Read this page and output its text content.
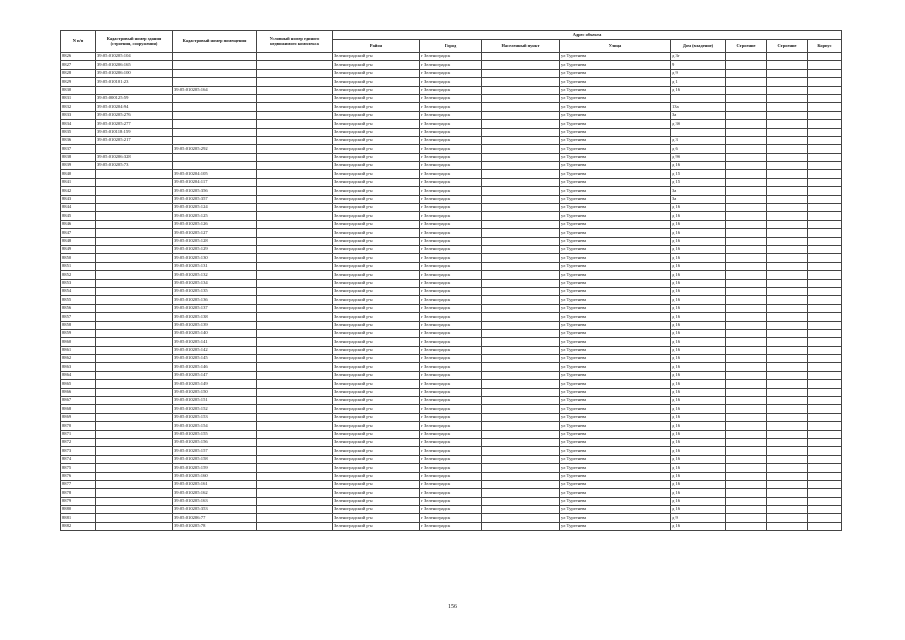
N п/п	Кадастровый номер здания (строения, сооружения)	Кадастровый номер помещения	Условный номер единого недвижимого комплекса	Адрес объекта							
				Район	Город	Населенный пункт	Улица	Дом (владение)	Строение	Строение	Корпус
8826	39:05:010205:104			Зеленоградский р-н	г Зеленоградск		ул Тургенева	д 3г			
8827	39:05:010206:165			Зеленоградский р-н	г Зеленоградск		ул Тургенева	9			
8828	39:05:010206:100			Зеленоградский р-н	г Зеленоградск		ул Тургенева	д 9			
8829	39:05:010101:23			Зеленоградский р-н	г Зеленоградск		ул Тургенева	д 1			
8830		39:05:010205:164		Зеленоградский р-н	г Зеленоградск		ул Тургенева	д 16			
8831	39:05:000125:59			Зеленоградский р-н	г Зеленоградск		ул Тургенева				
8832	39:05:010204:94			Зеленоградский р-н	г Зеленоградск		ул Тургенева	13а			
8833	39:05:010205:276			Зеленоградский р-н	г Зеленоградск		ул Тургенева	3а			
8834	39:05:010205:277			Зеленоградский р-н	г Зеленоградск		ул Тургенева	д 3б			
8835	39:05:010118:159			Зеленоградский р-н	г Зеленоградск		ул Тургенева				
8836	39:05:010205:217			Зеленоградский р-н	г Зеленоградск		ул Тургенева	д 3			
8837		39:05:010205:292		Зеленоградский р-н	г Зеленоградск		ул Тургенева	д 6			
8838	39:05:010206:328			Зеленоградский р-н	г Зеленоградск		ул Тургенева	д 9б			
8839	39:05:010205:73			Зеленоградский р-н	г Зеленоградск		ул Тургенева	д 16			
8840		39:05:010204:105		Зеленоградский р-н	г Зеленоградск		ул Тургенева	д 15			
8841		39:05:010204:117		Зеленоградский р-н	г Зеленоградск		ул Тургенева	д 15			
8842		39:05:010205:356		Зеленоградский р-н	г Зеленоградск		ул Тургенева	3а			
8843		39:05:010205:357		Зеленоградский р-н	г Зеленоградск		ул Тургенева	3а			
8844		39:05:010205:124		Зеленоградский р-н	г Зеленоградск		ул Тургенева	д 16			
8845		39:05:010205:125		Зеленоградский р-н	г Зеленоградск		ул Тургенева	д 16			
8846		39:05:010205:126		Зеленоградский р-н	г Зеленоградск		ул Тургенева	д 16			
8847		39:05:010205:127		Зеленоградский р-н	г Зеленоградск		ул Тургенева	д 16			
8848		39:05:010205:128		Зеленоградский р-н	г Зеленоградск		ул Тургенева	д 16			
8849		39:05:010205:129		Зеленоградский р-н	г Зеленоградск		ул Тургенева	д 16			
8850		39:05:010205:130		Зеленоградский р-н	г Зеленоградск		ул Тургенева	д 16			
8851		39:05:010205:131		Зеленоградский р-н	г Зеленоградск		ул Тургенева	д 16			
8852		39:05:010205:132		Зеленоградский р-н	г Зеленоградск		ул Тургенева	д 16			
8853		39:05:010205:134		Зеленоградский р-н	г Зеленоградск		ул Тургенева	д 16			
8854		39:05:010205:135		Зеленоградский р-н	г Зеленоградск		ул Тургенева	д 16			
8855		39:05:010205:136		Зеленоградский р-н	г Зеленоградск		ул Тургенева	д 16			
8856		39:05:010205:137		Зеленоградский р-н	г Зеленоградск		ул Тургенева	д 16			
8857		39:05:010205:138		Зеленоградский р-н	г Зеленоградск		ул Тургенева	д 16			
8858		39:05:010205:139		Зеленоградский р-н	г Зеленоградск		ул Тургенева	д 16			
8859		39:05:010205:140		Зеленоградский р-н	г Зеленоградск		ул Тургенева	д 16			
8860		39:05:010205:141		Зеленоградский р-н	г Зеленоградск		ул Тургенева	д 16			
8861		39:05:010205:142		Зеленоградский р-н	г Зеленоградск		ул Тургенева	д 16			
8862		39:05:010205:145		Зеленоградский р-н	г Зеленоградск		ул Тургенева	д 16			
8863		39:05:010205:146		Зеленоградский р-н	г Зеленоградск		ул Тургенева	д 16			
8864		39:05:010205:147		Зеленоградский р-н	г Зеленоградск		ул Тургенева	д 16			
8865		39:05:010205:149		Зеленоградский р-н	г Зеленоградск		ул Тургенева	д 16			
8866		39:05:010205:150		Зеленоградский р-н	г Зеленоградск		ул Тургенева	д 16			
8867		39:05:010205:151		Зеленоградский р-н	г Зеленоградск		ул Тургенева	д 16			
8868		39:05:010205:152		Зеленоградский р-н	г Зеленоградск		ул Тургенева	д 16			
8869		39:05:010205:153		Зеленоградский р-н	г Зеленоградск		ул Тургенева	д 16			
8870		39:05:010205:154		Зеленоградский р-н	г Зеленоградск		ул Тургенева	д 16			
8871		39:05:010205:155		Зеленоградский р-н	г Зеленоградск		ул Тургенева	д 16			
8872		39:05:010205:156		Зеленоградский р-н	г Зеленоградск		ул Тургенева	д 16			
8873		39:05:010205:157		Зеленоградский р-н	г Зеленоградск		ул Тургенева	д 16			
8874		39:05:010205:158		Зеленоградский р-н	г Зеленоградск		ул Тургенева	д 16			
8875		39:05:010205:159		Зеленоградский р-н	г Зеленоградск		ул Тургенева	д 16			
8876		39:05:010205:160		Зеленоградский р-н	г Зеленоградск		ул Тургенева	д 16			
8877		39:05:010205:161		Зеленоградский р-н	г Зеленоградск		ул Тургенева	д 16			
8878		39:05:010205:162		Зеленоградский р-н	г Зеленоградск		ул Тургенева	д 16			
8879		39:05:010205:163		Зеленоградский р-н	г Зеленоградск		ул Тургенева	д 16			
8880		39:05:010205:353		Зеленоградский р-н	г Зеленоградск		ул Тургенева	д 16			
8881		39:05:010206:77		Зеленоградский р-н	г Зеленоградск		ул Тургенева	д 9			
8882		39:05:010205:78		Зеленоградский р-н	г Зеленоградск		ул Тургенева	д 16			
156
